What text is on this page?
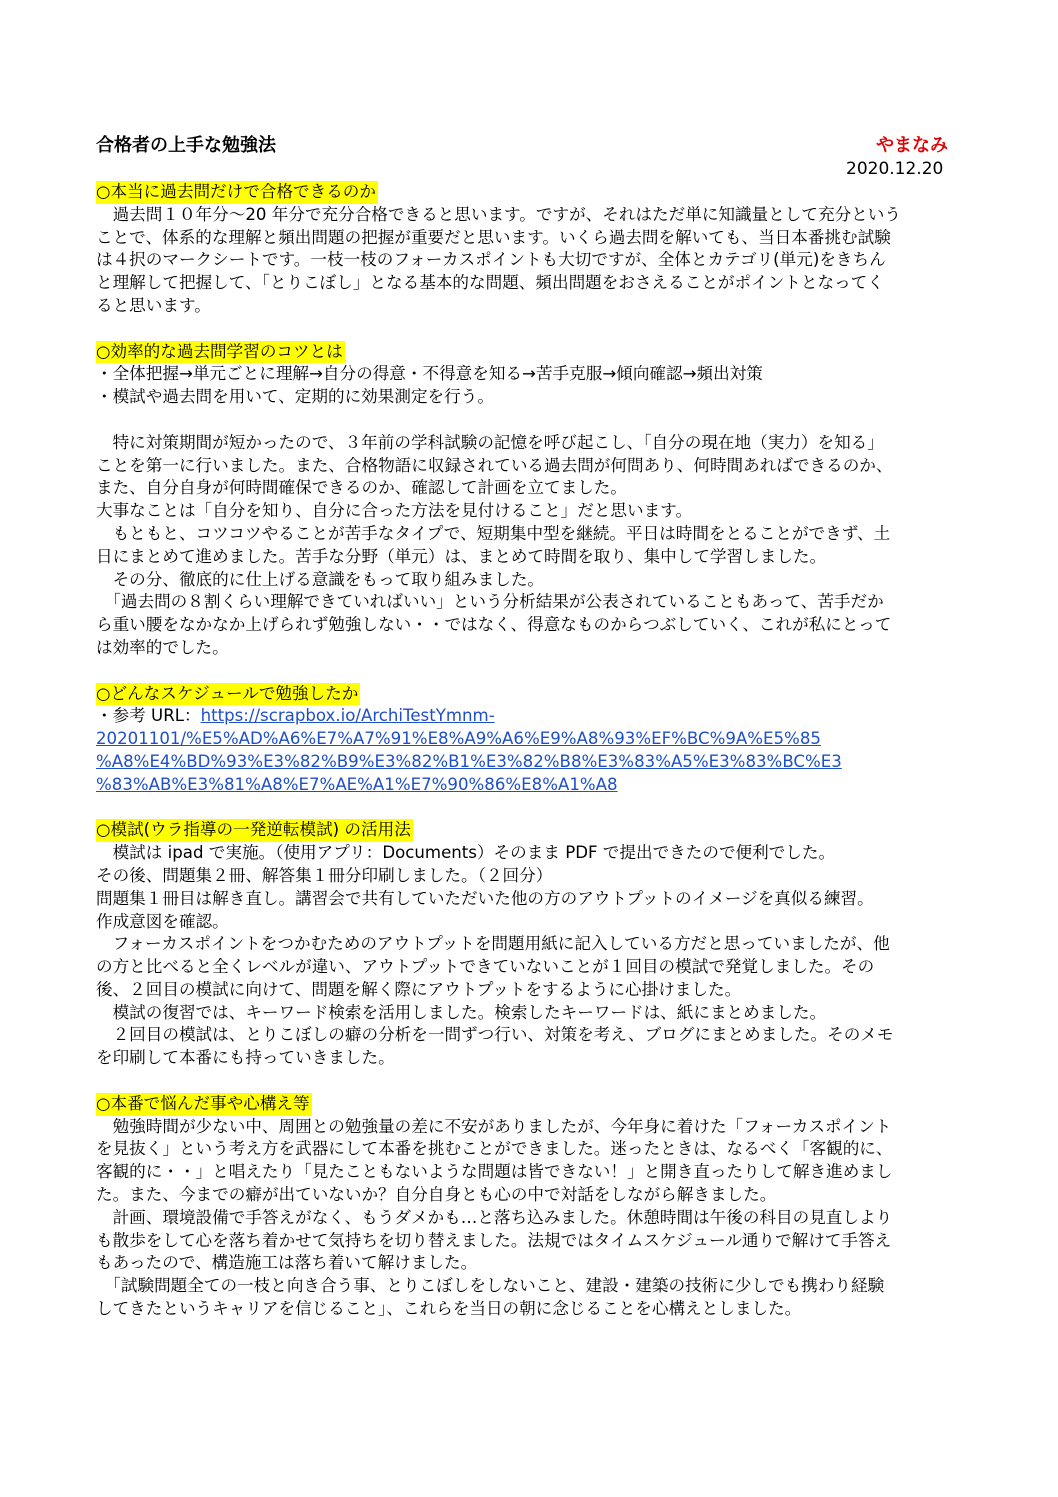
合格者の上手な勉強法	やまなみ
2020.12.20
○本当に過去問だけで合格できるのか
　過去問１０年分～20 年分で充分合格できると思います。ですが、それはただ単に知識量として充分という
ことで、体系的な理解と頻出問題の把握が重要だと思います。いくら過去問を解いても、当日本番挑む試験
は４択のマークシートです。一枝一枝のフォーカスポイントも大切ですが、全体とカテゴリ(単元)をきちん
と理解して把握して、「とりこぼし」となる基本的な問題、頻出問題をおさえることがポイントとなってく
ると思います。
○効率的な過去問学習のコツとは
・全体把握→単元ごとに理解→自分の得意・不得意を知る→苦手克服→傾向確認→頻出対策
・模試や過去問を用いて、定期的に効果測定を行う。
　特に対策期間が短かったので、３年前の学科試験の記憶を呼び起こし、「自分の現在地（実力）を知る」
ことを第一に行いました。また、合格物語に収録されている過去問が何問あり、何時間あればできるのか、
また、自分自身が何時間確保できるのか、確認して計画を立てました。
大事なことは「自分を知り、自分に合った方法を見付けること」だと思います。
　もともと、コツコツやることが苦手なタイプで、短期集中型を継続。平日は時間をとることができず、土
日にまとめて進めました。苦手な分野（単元）は、まとめて時間を取り、集中して学習しました。
　その分、徹底的に仕上げる意識をもって取り組みました。
　「過去問の８割くらい理解できていればいい」という分析結果が公表されていることもあって、苦手だか
ら重い腰をなかなか上げられず勉強しない・・ではなく、得意なものからつぶしていく、これが私にとって
は効率的でした。
○どんなスケジュールで勉強したか
・参考 URL：https://scrapbox.io/ArchiTestYmnm-
20201101/%E5%AD%A6%E7%A7%91%E8%A9%A6%E9%A8%93%EF%BC%9A%E5%85
%A8%E4%BD%93%E3%82%B9%E3%82%B1%E3%82%B8%E3%83%A5%E3%83%BC%E3
%83%AB%E3%81%A8%E7%AE%A1%E7%90%86%E8%A1%A8
○模試(ウラ指導の一発逆転模試) の活用法
　模試は ipad で実施。（使用アプリ：Documents）そのまま PDF で提出できたので便利でした。
その後、問題集２冊、解答集１冊分印刷しました。（２回分）
問題集１冊目は解き直し。講習会で共有していただいた他の方のアウトプットのイメージを真似る練習。
作成意図を確認。
　フォーカスポイントをつかむためのアウトプットを問題用紙に記入している方だと思っていましたが、他
の方と比べると全くレベルが違い、アウトプットできていないことが１回目の模試で発覚しました。その
後、２回目の模試に向けて、問題を解く際にアウトプットをするように心掛けました。
　模試の復習では、キーワード検索を活用しました。検索したキーワードは、紙にまとめました。
　２回目の模試は、とりこぼしの癖の分析を一問ずつ行い、対策を考え、ブログにまとめました。そのメモ
を印刷して本番にも持っていきました。
○本番で悩んだ事や心構え等
　勉強時間が少ない中、周囲との勉強量の差に不安がありましたが、今年身に着けた「フォーカスポイント
を見抜く」という考え方を武器にして本番を挑むことができました。迷ったときは、なるべく「客観的に、
客観的に・・」と唱えたり「見たこともないような問題は皆できない！」と開き直ったりして解き進めまし
た。また、今までの癖が出ていないか？自分自身とも心の中で対話をしながら解きました。
　計画、環境設備で手答えがなく、もうダメかも…と落ち込みました。休憩時間は午後の科目の見直しより
も散歩をして心を落ち着かせて気持ちを切り替えました。法規ではタイムスケジュール通りで解けて手答え
もあったので、構造施工は落ち着いて解けました。
　「試験問題全ての一枝と向き合う事、とりこぼしをしないこと、建設・建築の技術に少しでも携わり経験
してきたというキャリアを信じること」、これらを当日の朝に念じることを心構えとしました。
